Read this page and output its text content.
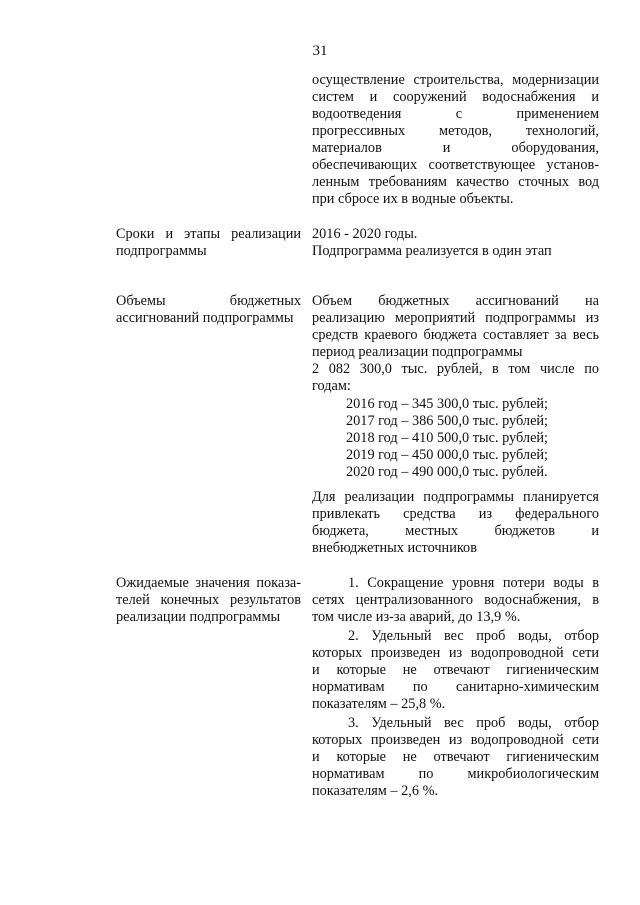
31
осуществление строительства, модернизации
систем и сооружений водоснабжения и
водоотведения с применением
прогрессивных методов, технологий,
материалов и оборудования,
обеспечивающих соответствующее установ-
ленным требованиям качество сточных вод
при сбросе их в водные объекты.
Сроки и этапы реализации
подпрограммы
2016 - 2020 годы.
Подпрограмма реализуется в один этап
Объемы бюджетных
ассигнований подпрограммы
Объем бюджетных ассигнований на
реализацию мероприятий подпрограммы из
средств краевого бюджета составляет за весь
период реализации подпрограммы
2 082 300,0 тыс. рублей, в том числе по
годам:
2016 год – 345 300,0 тыс. рублей;
2017 год – 386 500,0 тыс. рублей;
2018 год – 410 500,0 тыс. рублей;
2019 год – 450 000,0 тыс. рублей;
2020 год – 490 000,0 тыс. рублей.
Для реализации подпрограммы планируется
привлекать средства из федерального
бюджета, местных бюджетов и
внебюджетных источников
Ожидаемые значения показа-
телей конечных результатов
реализации подпрограммы
1. Сокращение уровня потери воды в
сетях централизованного водоснабжения, в
том числе из-за аварий, до 13,9 %.
2. Удельный вес проб воды, отбор
которых произведен из водопроводной сети
и которые не отвечают гигиеническим
нормативам по санитарно-химическим
показателям – 25,8 %.
3. Удельный вес проб воды, отбор
которых произведен из водопроводной сети
и которые не отвечают гигиеническим
нормативам по микробиологическим
показателям – 2,6 %.
